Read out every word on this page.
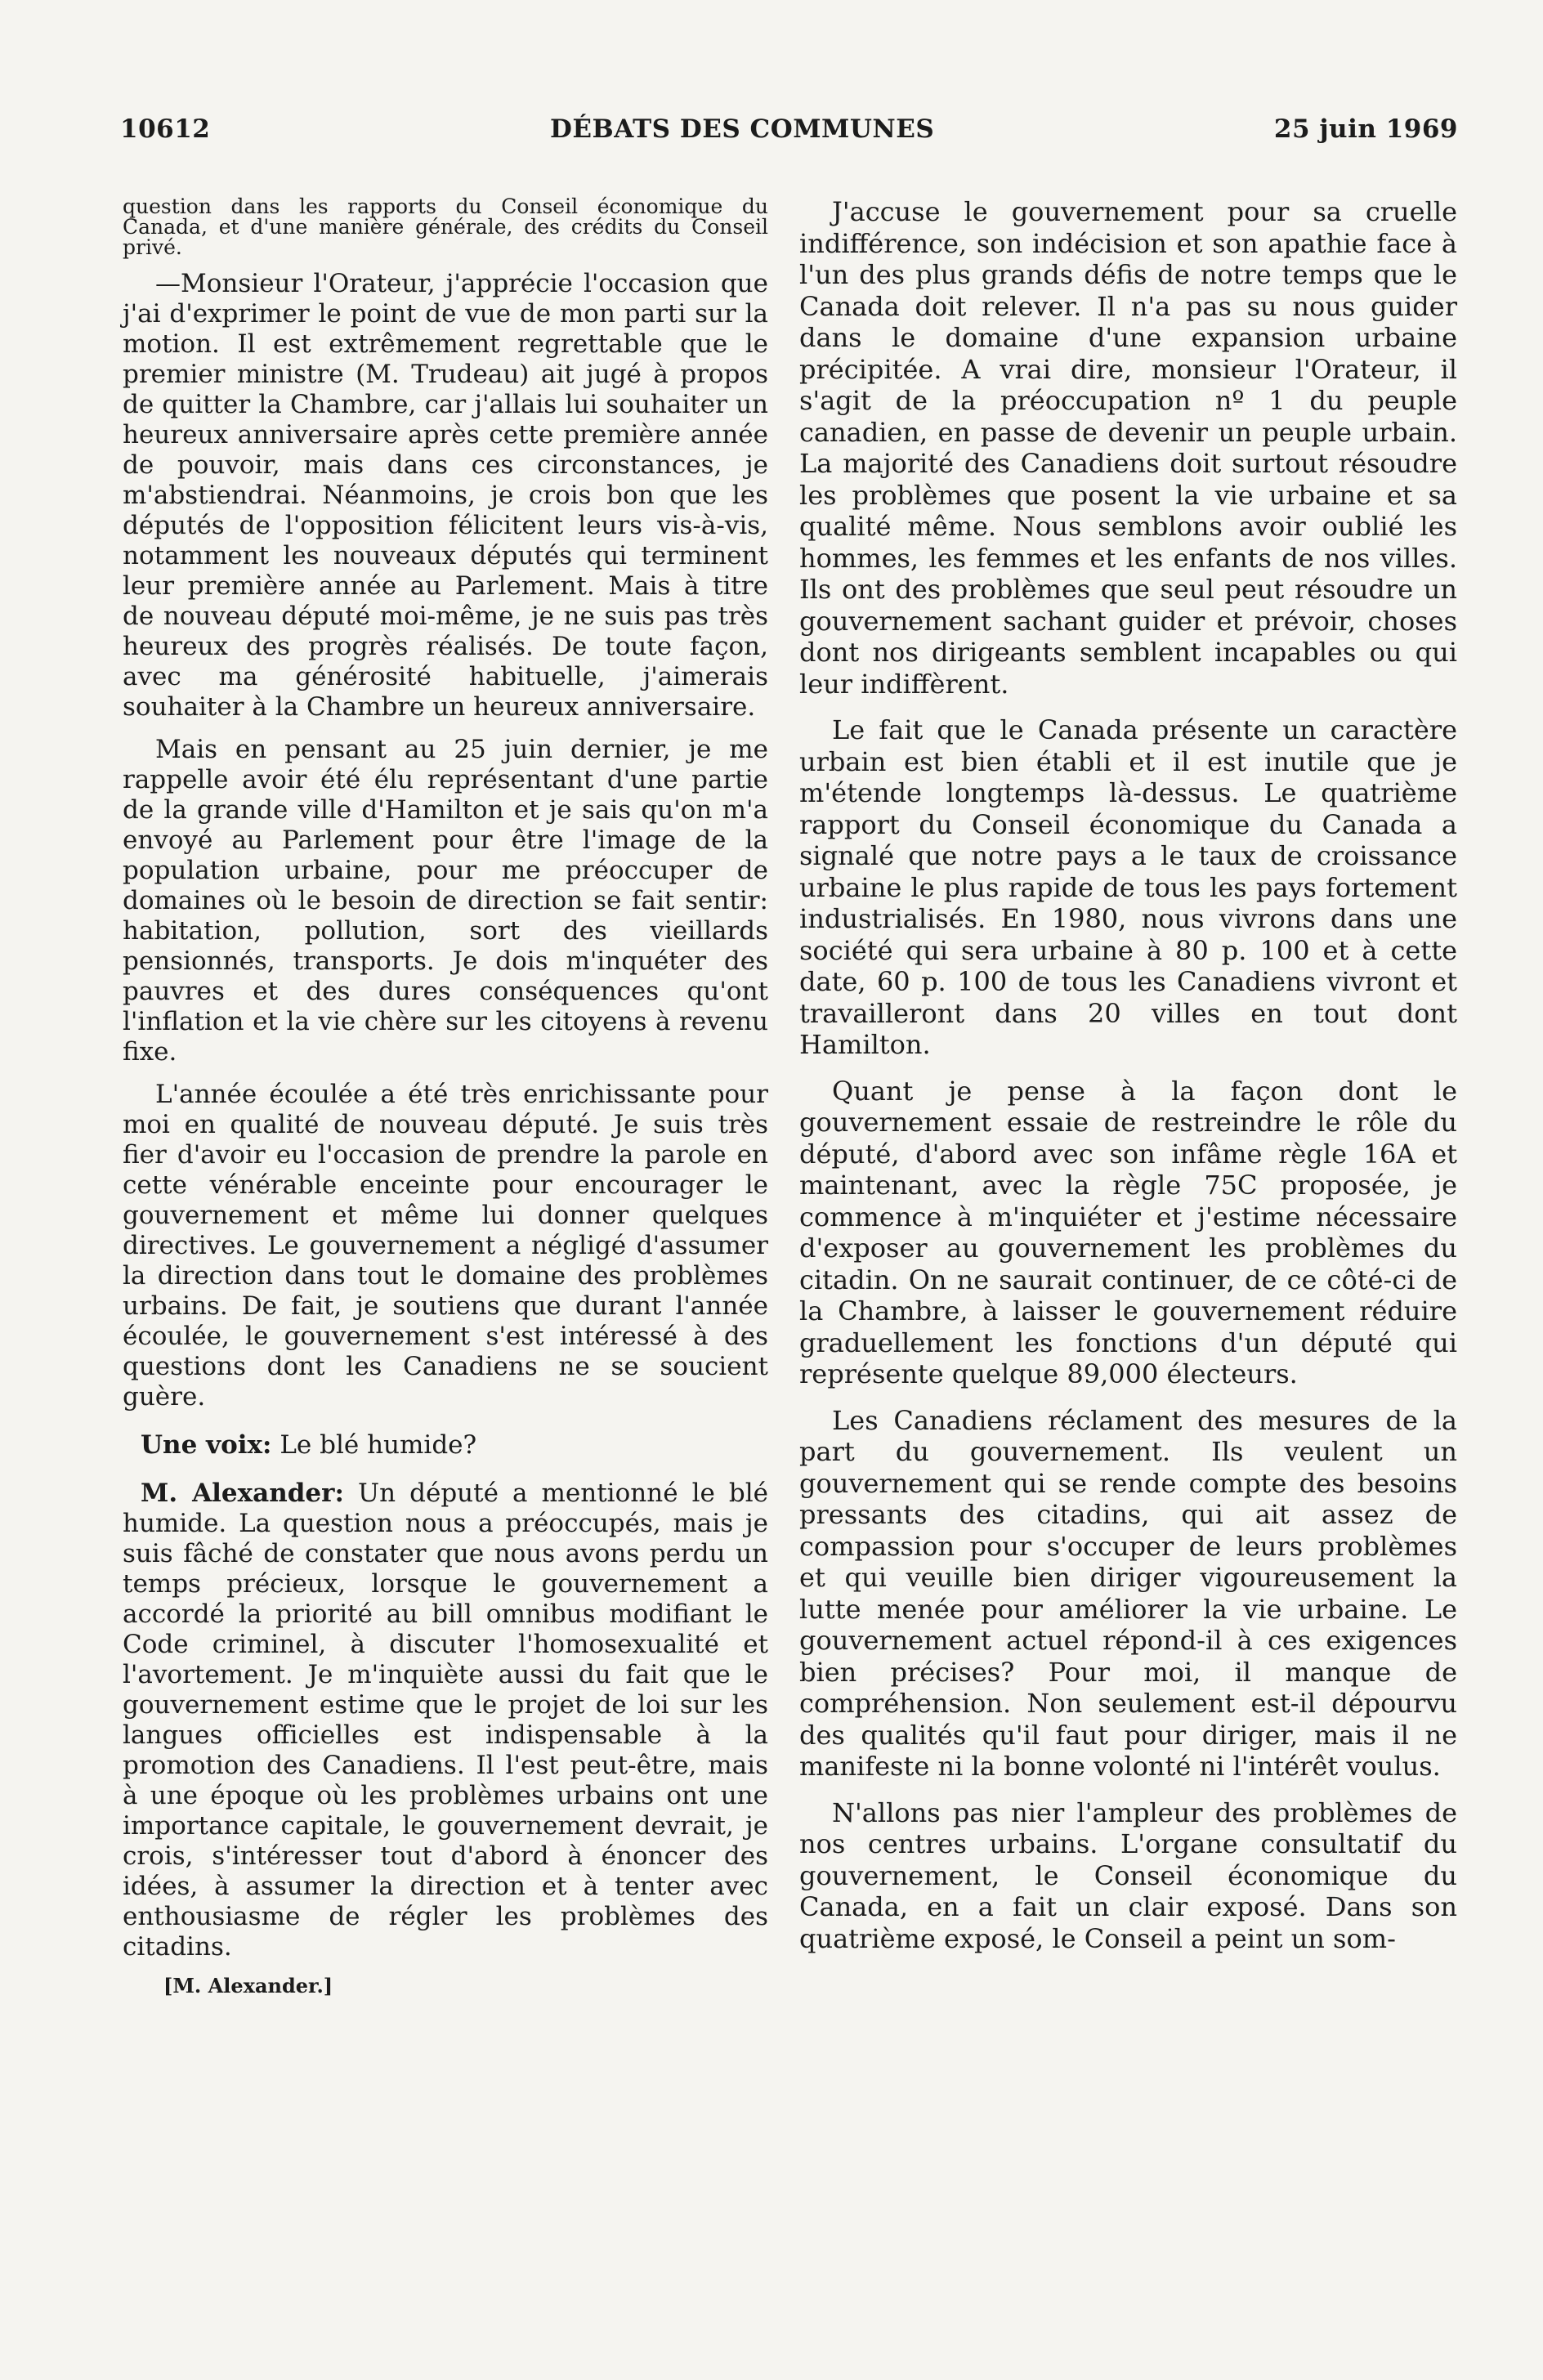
10612	DÉBATS DES COMMUNES	25 juin 1969

question dans les rapports du Conseil économique du Canada, et d'une manière générale, des crédits du Conseil privé.

—Monsieur l'Orateur, j'apprécie l'occasion que j'ai d'exprimer le point de vue de mon parti sur la motion. Il est extrêmement regrettable que le premier ministre (M. Trudeau) ait jugé à propos de quitter la Chambre, car j'allais lui souhaiter un heureux anniversaire après cette première année de pouvoir, mais dans ces circonstances, je m'abstiendrai. Néanmoins, je crois bon que les députés de l'opposition félicitent leurs vis-à-vis, notamment les nouveaux députés qui terminent leur première année au Parlement. Mais à titre de nouveau député moi-même, je ne suis pas très heureux des progrès réalisés. De toute façon, avec ma générosité habituelle, j'aimerais souhaiter à la Chambre un heureux anniversaire.

Mais en pensant au 25 juin dernier, je me rappelle avoir été élu représentant d'une partie de la grande ville d'Hamilton et je sais qu'on m'a envoyé au Parlement pour être l'image de la population urbaine, pour me préoccuper de domaines où le besoin de direction se fait sentir: habitation, pollution, sort des vieillards pensionnés, transports. Je dois m'inquéter des pauvres et des dures conséquences qu'ont l'inflation et la vie chère sur les citoyens à revenu fixe.

L'année écoulée a été très enrichissante pour moi en qualité de nouveau député. Je suis très fier d'avoir eu l'occasion de prendre la parole en cette vénérable enceinte pour encourager le gouvernement et même lui donner quelques directives. Le gouvernement a négligé d'assumer la direction dans tout le domaine des problèmes urbains. De fait, je soutiens que durant l'année écoulée, le gouvernement s'est intéressé à des questions dont les Canadiens ne se soucient guère.

Une voix: Le blé humide?

M. Alexander: Un député a mentionné le blé humide. La question nous a préoccupés, mais je suis fâché de constater que nous avons perdu un temps précieux, lorsque le gouvernement a accordé la priorité au bill omnibus modifiant le Code criminel, à discuter l'homosexualité et l'avortement. Je m'inquiète aussi du fait que le gouvernement estime que le projet de loi sur les langues officielles est indispensable à la promotion des Canadiens. Il l'est peut-être, mais à une époque où les problèmes urbains ont une importance capitale, le gouvernement devrait, je crois, s'intéresser tout d'abord à énoncer des idées, à assumer la direction et à tenter avec enthousiasme de régler les problèmes des citadins.

[M. Alexander.]

J'accuse le gouvernement pour sa cruelle indifférence, son indécision et son apathie face à l'un des plus grands défis de notre temps que le Canada doit relever. Il n'a pas su nous guider dans le domaine d'une expansion urbaine précipitée. A vrai dire, monsieur l'Orateur, il s'agit de la préoccupation nº 1 du peuple canadien, en passe de devenir un peuple urbain. La majorité des Canadiens doit surtout résoudre les problèmes que posent la vie urbaine et sa qualité même. Nous semblons avoir oublié les hommes, les femmes et les enfants de nos villes. Ils ont des problèmes que seul peut résoudre un gouvernement sachant guider et prévoir, choses dont nos dirigeants semblent incapables ou qui leur indiffèrent.

Le fait que le Canada présente un caractère urbain est bien établi et il est inutile que je m'étende longtemps là-dessus. Le quatrième rapport du Conseil économique du Canada a signalé que notre pays a le taux de croissance urbaine le plus rapide de tous les pays fortement industrialisés. En 1980, nous vivrons dans une société qui sera urbaine à 80 p. 100 et à cette date, 60 p. 100 de tous les Canadiens vivront et travailleront dans 20 villes en tout dont Hamilton.

Quant je pense à la façon dont le gouvernement essaie de restreindre le rôle du député, d'abord avec son infâme règle 16A et maintenant, avec la règle 75C proposée, je commence à m'inquiéter et j'estime nécessaire d'exposer au gouvernement les problèmes du citadin. On ne saurait continuer, de ce côté-ci de la Chambre, à laisser le gouvernement réduire graduellement les fonctions d'un député qui représente quelque 89,000 électeurs.

Les Canadiens réclament des mesures de la part du gouvernement. Ils veulent un gouvernement qui se rende compte des besoins pressants des citadins, qui ait assez de compassion pour s'occuper de leurs problèmes et qui veuille bien diriger vigoureusement la lutte menée pour améliorer la vie urbaine. Le gouvernement actuel répond-il à ces exigences bien précises? Pour moi, il manque de compréhension. Non seulement est-il dépourvu des qualités qu'il faut pour diriger, mais il ne manifeste ni la bonne volonté ni l'intérêt voulus.

N'allons pas nier l'ampleur des problèmes de nos centres urbains. L'organe consultatif du gouvernement, le Conseil économique du Canada, en a fait un clair exposé. Dans son quatrième exposé, le Conseil a peint un som-
